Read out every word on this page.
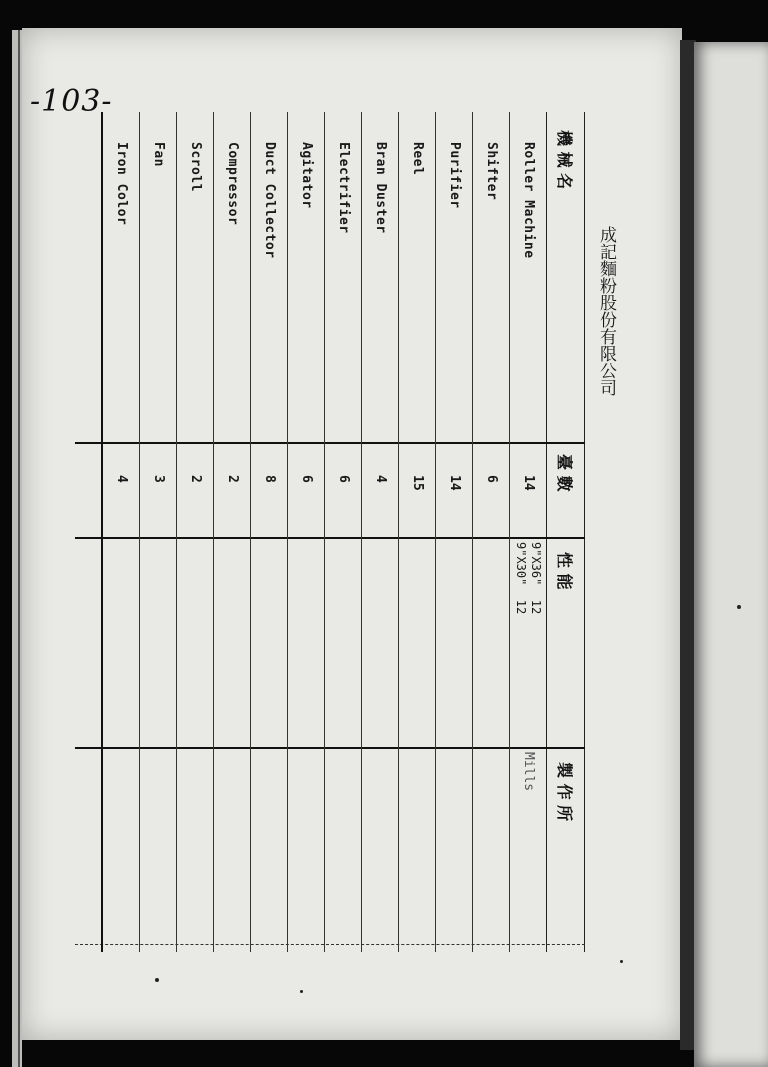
-103-
成記麵粉股份有限公司
機 械 名
臺 數
性 能
製 作 所
Roller Machine
14
9"X36"  12
9"X30"  12
Mills
Shifter
6
Purifier
14
Reel
15
Bran Duster
4
Electrifier
6
Agitator
6
Duct Collector
8
Compressor
2
Scroll
2
Fan
3
Iron Color
4
